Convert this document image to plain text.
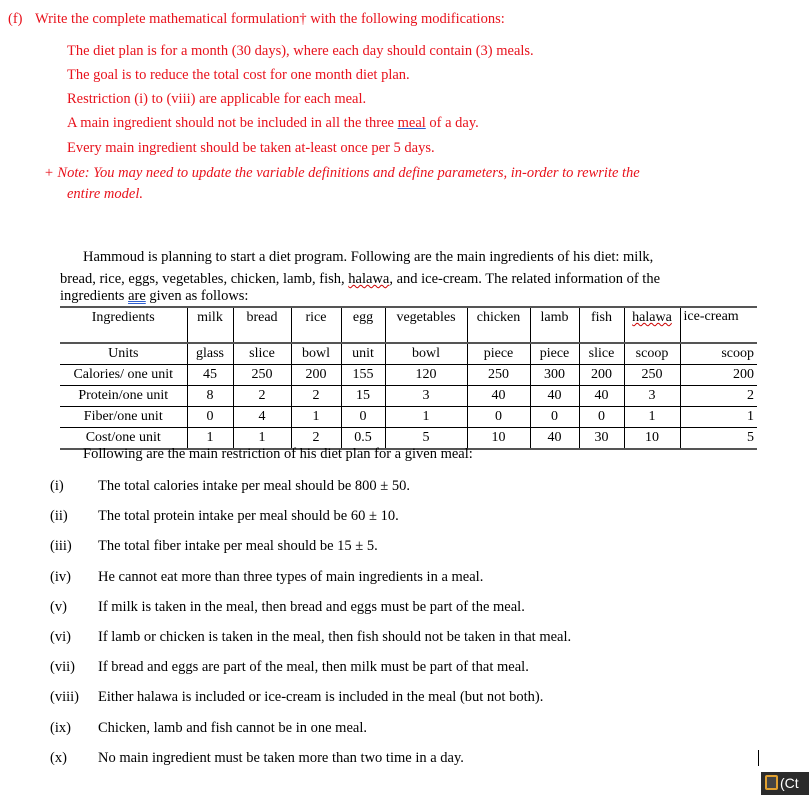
(f) Write the complete mathematical formulation† with the following modifications:
The diet plan is for a month (30 days), where each day should contain (3) meals.
The goal is to reduce the total cost for one month diet plan.
Restriction (i) to (viii) are applicable for each meal.
A main ingredient should not be included in all the three meal of a day.
Every main ingredient should be taken at-least once per 5 days.
+ Note: You may need to update the variable definitions and define parameters, in-order to rewrite the
entire model.
Hammoud is planning to start a diet program. Following are the main ingredients of his diet: milk,
bread, rice, eggs, vegetables, chicken, lamb, fish, halawa, and ice-cream. The related information of the
ingredients are given as follows:
Ingredients	milk	bread	rice	egg	vegetables	chicken	lamb	fish	halawa	ice-cream
Units	glass	slice	bowl	unit	bowl	piece	piece	slice	scoop	scoop
Calories/ one unit	45	250	200	155	120	250	300	200	250	200
Protein/one unit	8	2	2	15	3	40	40	40	3	2
Fiber/one unit	0	4	1	0	1	0	0	0	1	1
Cost/one unit	1	1	2	0.5	5	10	40	30	10	5
Following are the main restriction of his diet plan for a given meal:
(i) The total calories intake per meal should be 800 ± 50.
(ii) The total protein intake per meal should be 60 ± 10.
(iii) The total fiber intake per meal should be 15 ± 5.
(iv) He cannot eat more than three types of main ingredients in a meal.
(v) If milk is taken in the meal, then bread and eggs must be part of the meal.
(vi) If lamb or chicken is taken in the meal, then fish should not be taken in that meal.
(vii) If bread and eggs are part of the meal, then milk must be part of that meal.
(viii) Either halawa is included or ice-cream is included in the meal (but not both).
(ix) Chicken, lamb and fish cannot be in one meal.
(x) No main ingredient must be taken more than two time in a day.
(Ct
